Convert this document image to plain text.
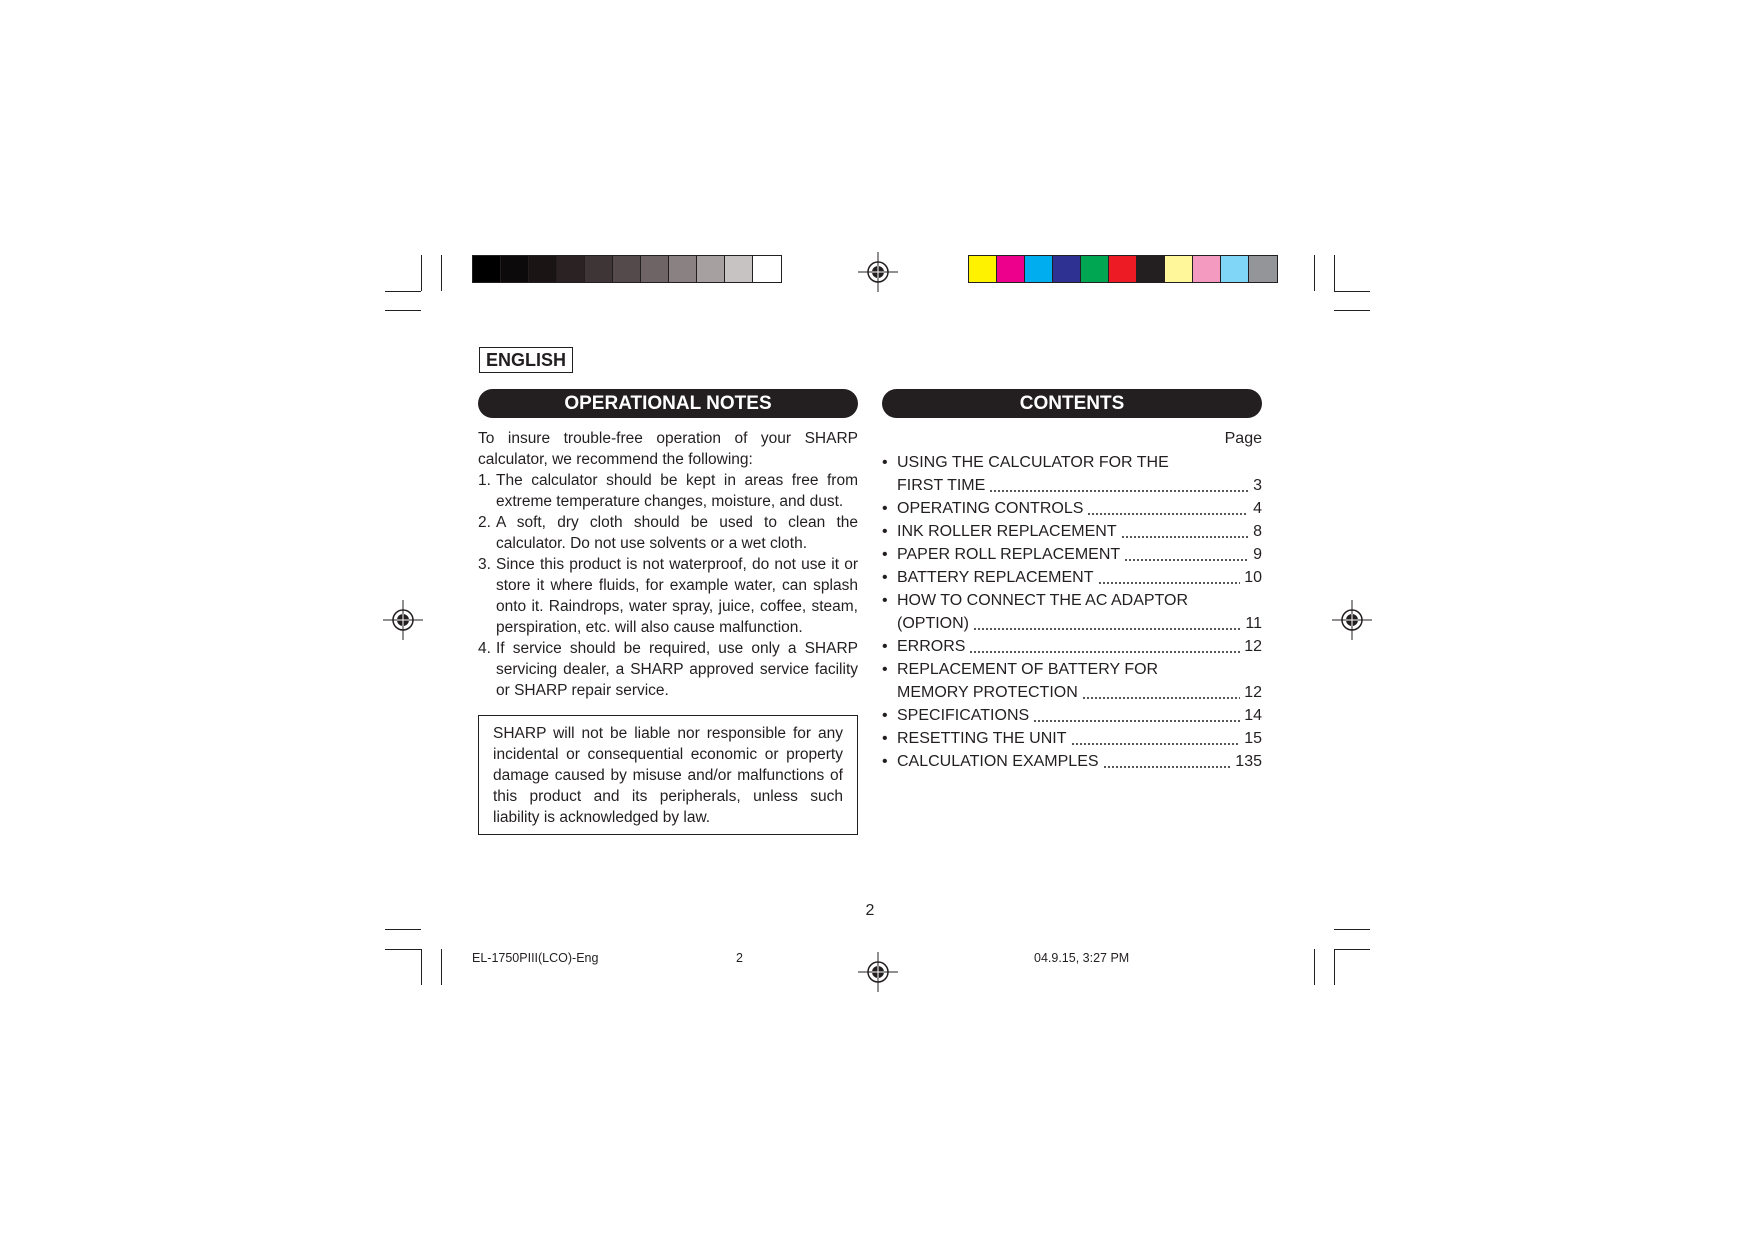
ENGLISH
OPERATIONAL NOTES	CONTENTS

To insure trouble-free operation of your SHARP calculator, we recommend the following:

1. The calculator should be kept in areas free from extreme temperature changes, moisture, and dust.
2. A soft, dry cloth should be used to clean the calculator. Do not use solvents or a wet cloth.
3. Since this product is not waterproof, do not use it or store it where fluids, for example water, can splash onto it. Raindrops, water spray, juice, coffee, steam, perspiration, etc. will also cause malfunction.
4. If service should be required, use only a SHARP servicing dealer, a SHARP approved service facility or SHARP repair service.
SHARP will not be liable nor responsible for any incidental or consequential economic or property damage caused by misuse and/or malfunctions of this product and its peripherals, unless such liability is acknowledged by law.
Page
• USING THE CALCULATOR FOR THE
FIRST TIME	3
• OPERATING CONTROLS	4
• INK ROLLER REPLACEMENT	8
• PAPER ROLL REPLACEMENT	9
• BATTERY REPLACEMENT	10
• HOW TO CONNECT THE AC ADAPTOR
(OPTION)	11
• ERRORS	12
• REPLACEMENT OF BATTERY FOR
MEMORY PROTECTION	12
• SPECIFICATIONS	14
• RESETTING THE UNIT	15
• CALCULATION EXAMPLES	135
2
EL-1750PIII(LCO)-Eng	2	04.9.15, 3:27 PM
